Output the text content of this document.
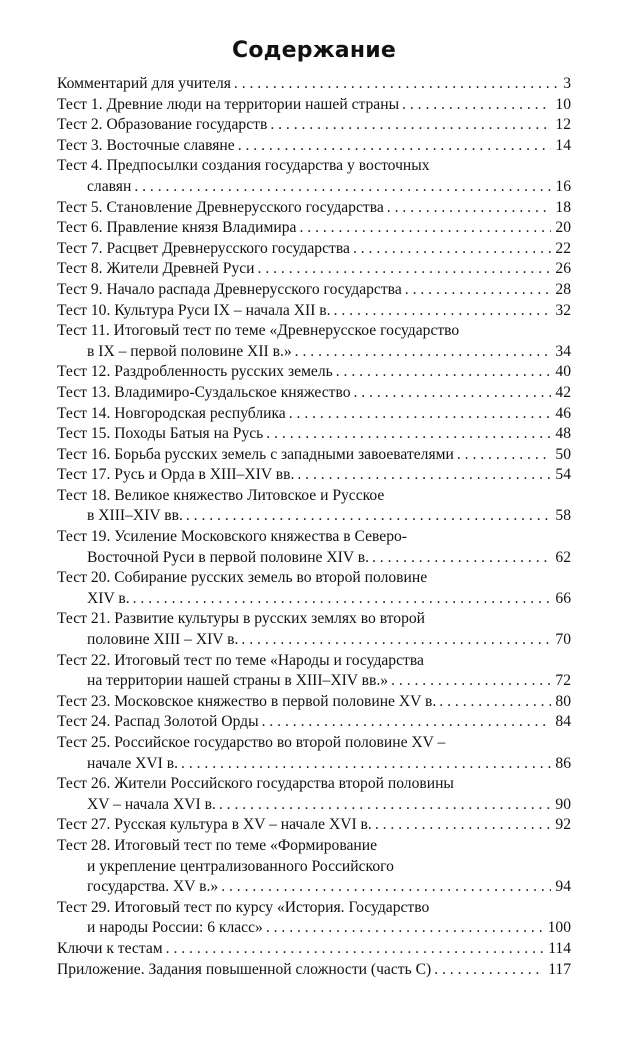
Содержание
Комментарий для учителя . . .	3
Тест 1. Древние люди на территории нашей страны . . .	10
Тест 2. Образование государств . . .	12
Тест 3. Восточные славяне . . .	14
Тест 4. Предпосылки создания государства у восточных
славян . . .	16
Тест 5. Становление Древнерусского государства . . .	18
Тест 6. Правление князя Владимира . . .	20
Тест 7. Расцвет Древнерусского государства . . .	22
Тест 8. Жители Древней Руси . . .	26
Тест 9. Начало распада Древнерусского государства . . .	28
Тест 10. Культура Руси IX – начала XII в. . . .	32
Тест 11. Итоговый тест по теме «Древнерусское государство
в IX – первой половине XII в.» . . .	34
Тест 12. Раздробленность русских земель . . .	40
Тест 13. Владимиро-Суздальское княжество . . .	42
Тест 14. Новгородская республика . . .	46
Тест 15. Походы Батыя на Русь . . .	48
Тест 16. Борьба русских земель с западными завоевателями . . .	50
Тест 17. Русь и Орда в XIII–XIV вв. . . .	54
Тест 18. Великое княжество Литовское и Русское
в XIII–XIV вв. . . .	58
Тест 19. Усиление Московского княжества в Северо-
Восточной Руси в первой половине XIV в. . . .	62
Тест 20. Собирание русских земель во второй половине
XIV в. . . .	66
Тест 21. Развитие культуры в русских землях во второй
половине XIII – XIV в. . . .	70
Тест 22. Итоговый тест по теме «Народы и государства
на территории нашей страны в XIII–XIV вв.» . . .	72
Тест 23. Московское княжество в первой половине XV в. . . .	80
Тест 24. Распад Золотой Орды . . .	84
Тест 25. Российское государство во второй половине XV –
начале XVI в. . . .	86
Тест 26. Жители Российского государства второй половины
XV – начала XVI в. . . .	90
Тест 27. Русская культура в XV – начале XVI в. . . .	92
Тест 28. Итоговый тест по теме «Формирование
и укрепление централизованного Российского
государства. XV в.» . . .	94
Тест 29. Итоговый тест по курсу «История. Государство
и народы России: 6 класс» . . .	100
Ключи к тестам . . .	114
Приложение. Задания повышенной сложности (часть С) . . .	117
